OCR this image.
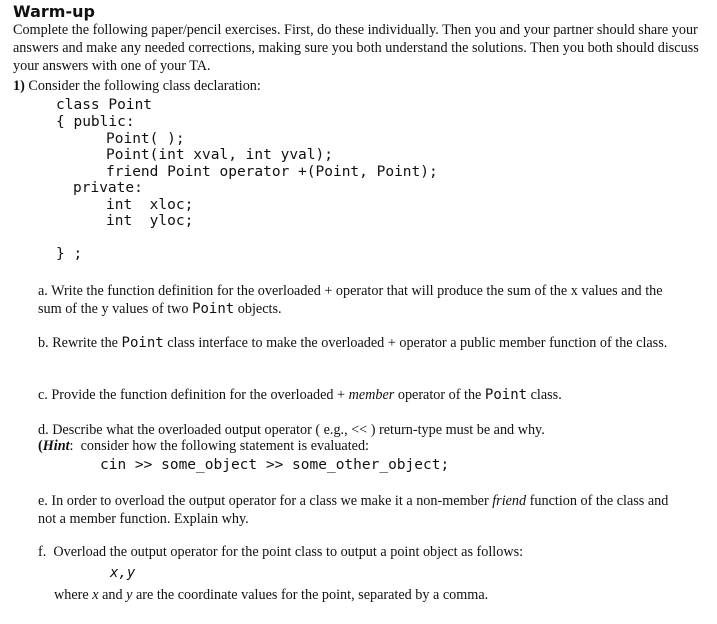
Warm-up
Complete the following paper/pencil exercises. First, do these individually. Then you and your partner should share your answers and make any needed corrections, making sure you both understand the solutions. Then you both should discuss your answers with one of your TA.
1) Consider the following class declaration:
class Point
{ public:
Point( );
Point(int xval, int yval);
friend Point operator +(Point, Point);
private:
int  xloc;
int  yloc;
} ;
a. Write the function definition for the overloaded + operator that will produce the sum of the x values and the sum of the y values of two Point objects.
b. Rewrite the Point class interface to make the overloaded + operator a public member function of the class.
c. Provide the function definition for the overloaded + member operator of the Point class.
d. Describe what the overloaded output operator ( e.g., << ) return-type must be and why.
(Hint:  consider how the following statement is evaluated:
cin >> some_object >> some_other_object;
e. In order to overload the output operator for a class we make it a non-member friend function of the class and not a member function. Explain why.
f.  Overload the output operator for the point class to output a point object as follows:
x,y
where x and y are the coordinate values for the point, separated by a comma.
